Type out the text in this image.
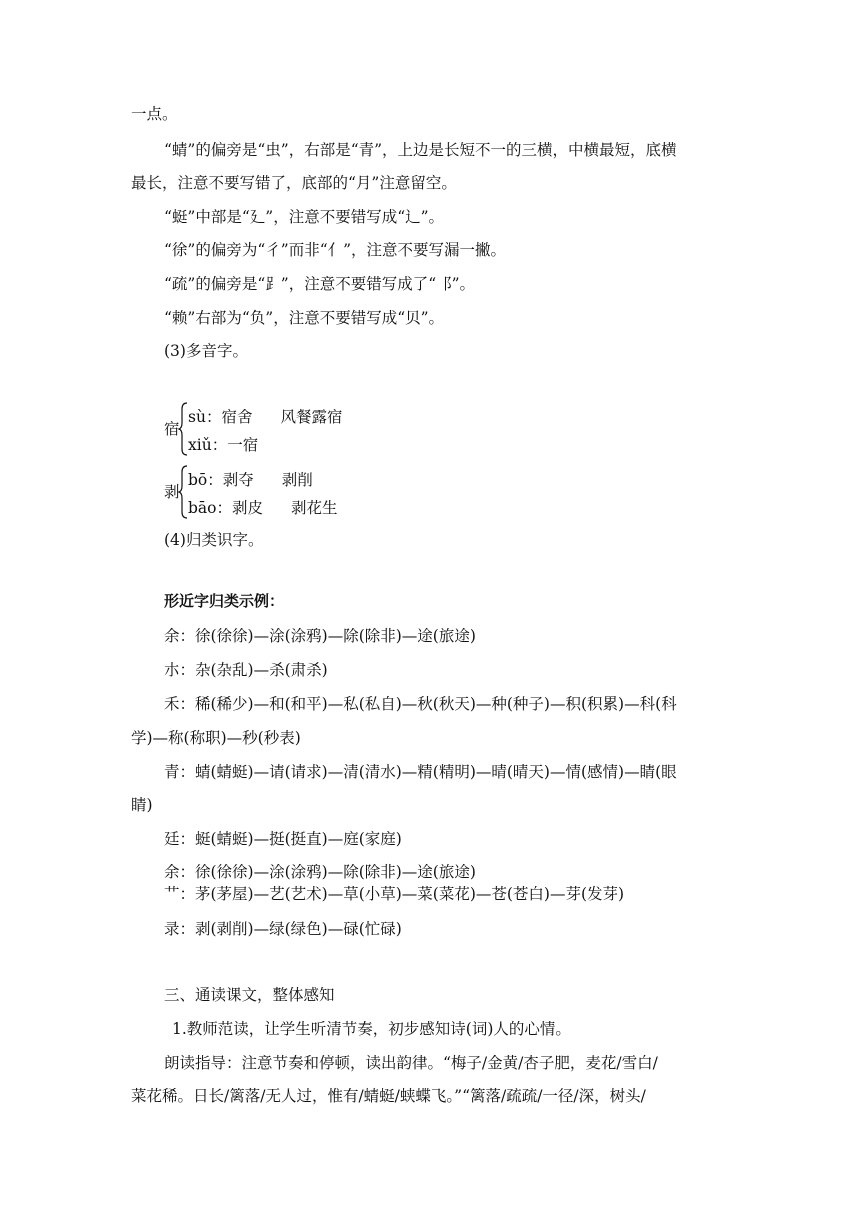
一点。
“蜻”的偏旁是“虫”，右部是“青”，上边是长短不一的三横，中横最短，底横
最长，注意不要写错了，底部的“月”注意留空。
“蜓”中部是“廴”，注意不要错写成“辶”。
“徐”的偏旁为“彳”而非“亻”，注意不要写漏一撇。
“疏”的偏旁是“⻊”，注意不要错写成了“⻏”。
“赖”右部为“负”，注意不要错写成“贝”。
(3)多音字。
宿
sù：宿舍 风餐露宿
xiǔ：一宿
剥
bō：剥夺 剥削
bāo：剥皮 剥花生
(4)归类识字。
形近字归类示例：
余：徐(徐徐)—涂(涂鸦)—除(除非)—途(旅途)
朩：杂(杂乱)—杀(肃杀)
禾：稀(稀少)—和(和平)—私(私自)—秋(秋天)—种(种子)—积(积累)—科(科
学)—称(称职)—秒(秒表)
青：蜻(蜻蜓)—请(请求)—清(清水)—精(精明)—晴(晴天)—情(感情)—睛(眼
睛)
廷：蜓(蜻蜓)—挺(挺直)—庭(家庭)
余：徐(徐徐)—涂(涂鸦)—除(除非)—途(旅途)
艹：茅(茅屋)—艺(艺术)—草(小草)—菜(菜花)—苍(苍白)—芽(发芽)
录：剥(剥削)—绿(绿色)—碌(忙碌)
三、通读课文，整体感知
1.教师范读，让学生听清节奏，初步感知诗(词)人的心情。
朗读指导：注意节奏和停顿，读出韵律。“梅子/金黄/杏子肥，麦花/雪白/
菜花稀。日长/篱落/无人过，惟有/蜻蜓/蛱蝶飞。”“篱落/疏疏/一径/深，树头/
